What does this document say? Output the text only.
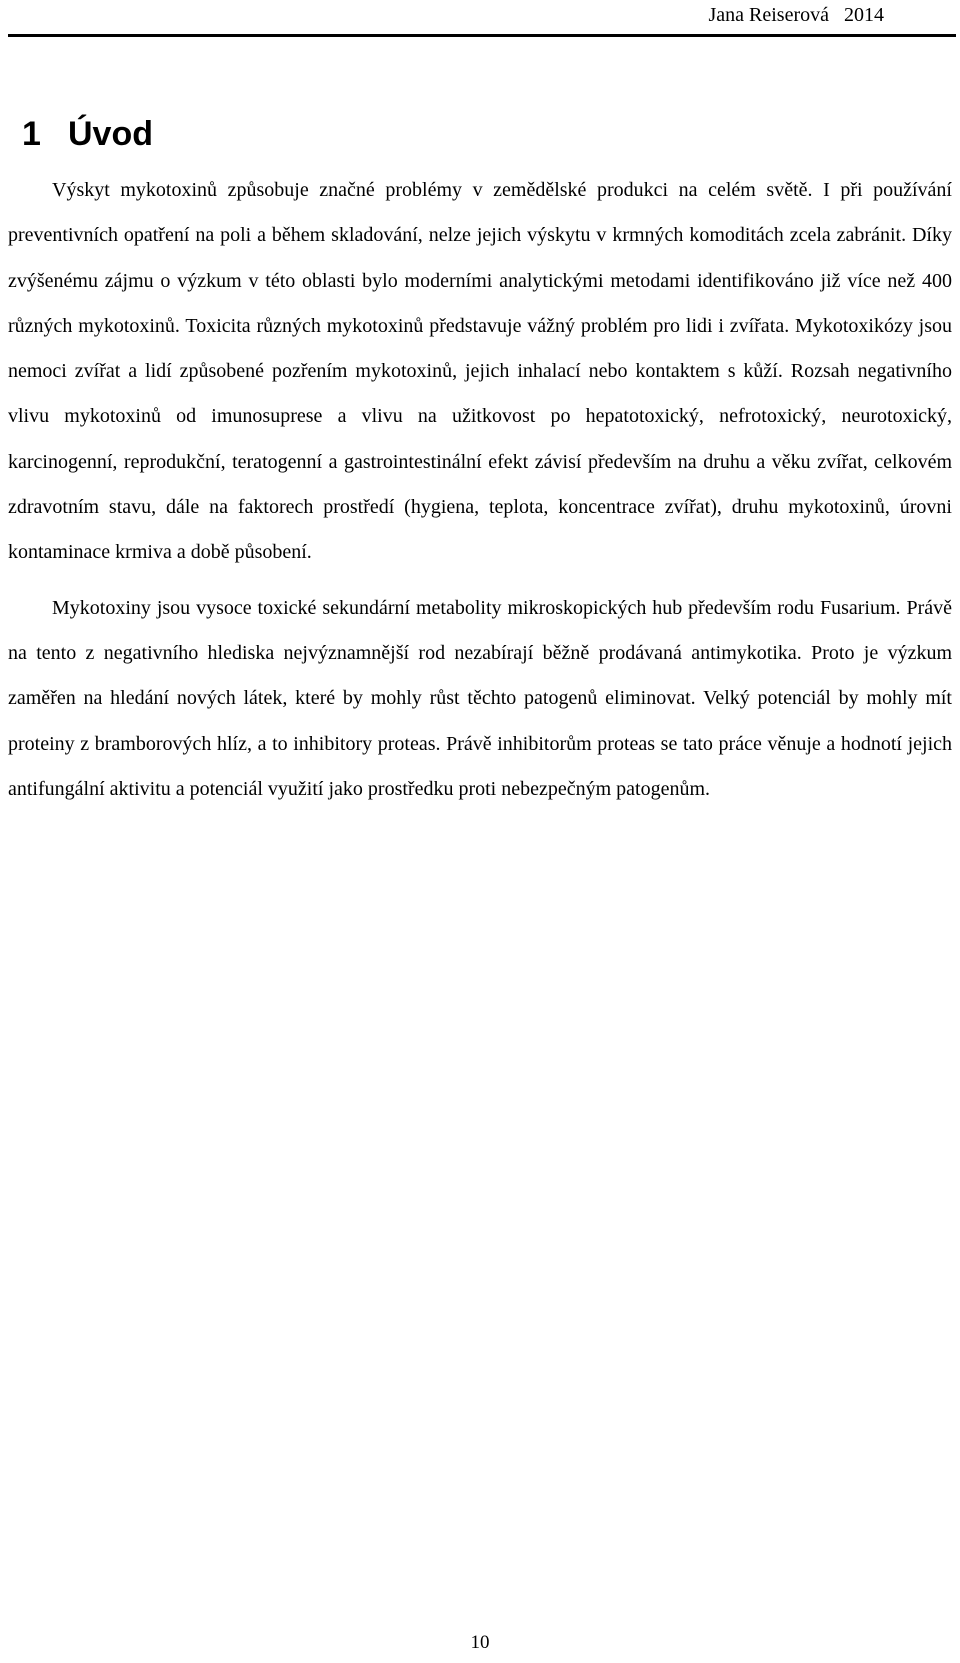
Jana Reiserová 2014
1 Úvod

Výskyt mykotoxinů způsobuje značné problémy v zemědělské produkci na celém světě. I při používání preventivních opatření na poli a během skladování, nelze jejich výskytu v krmných komoditách zcela zabránit. Díky zvýšenému zájmu o výzkum v této oblasti bylo moderními analytickými metodami identifikováno již více než 400 různých mykotoxinů. Toxicita různých mykotoxinů představuje vážný problém pro lidi i zvířata. Mykotoxikózy jsou nemoci zvířat a lidí způsobené pozřením mykotoxinů, jejich inhalací nebo kontaktem s kůží. Rozsah negativního vlivu mykotoxinů od imunosuprese a vlivu na užitkovost po hepatotoxický, nefrotoxický, neurotoxický, karcinogenní, reprodukční, teratogenní a gastrointestinální efekt závisí především na druhu a věku zvířat, celkovém zdravotním stavu, dále na faktorech prostředí (hygiena, teplota, koncentrace zvířat), druhu mykotoxinů, úrovni kontaminace krmiva a době působení.

Mykotoxiny jsou vysoce toxické sekundární metabolity mikroskopických hub především rodu Fusarium. Právě na tento z negativního hlediska nejvýznamnější rod nezabírají běžně prodávaná antimykotika. Proto je výzkum zaměřen na hledání nových látek, které by mohly růst těchto patogenů eliminovat. Velký potenciál by mohly mít proteiny z bramborových hlíz, a to inhibitory proteas. Právě inhibitorům proteas se tato práce věnuje a hodnotí jejich antifungální aktivitu a potenciál využití jako prostředku proti nebezpečným patogenům.

10
